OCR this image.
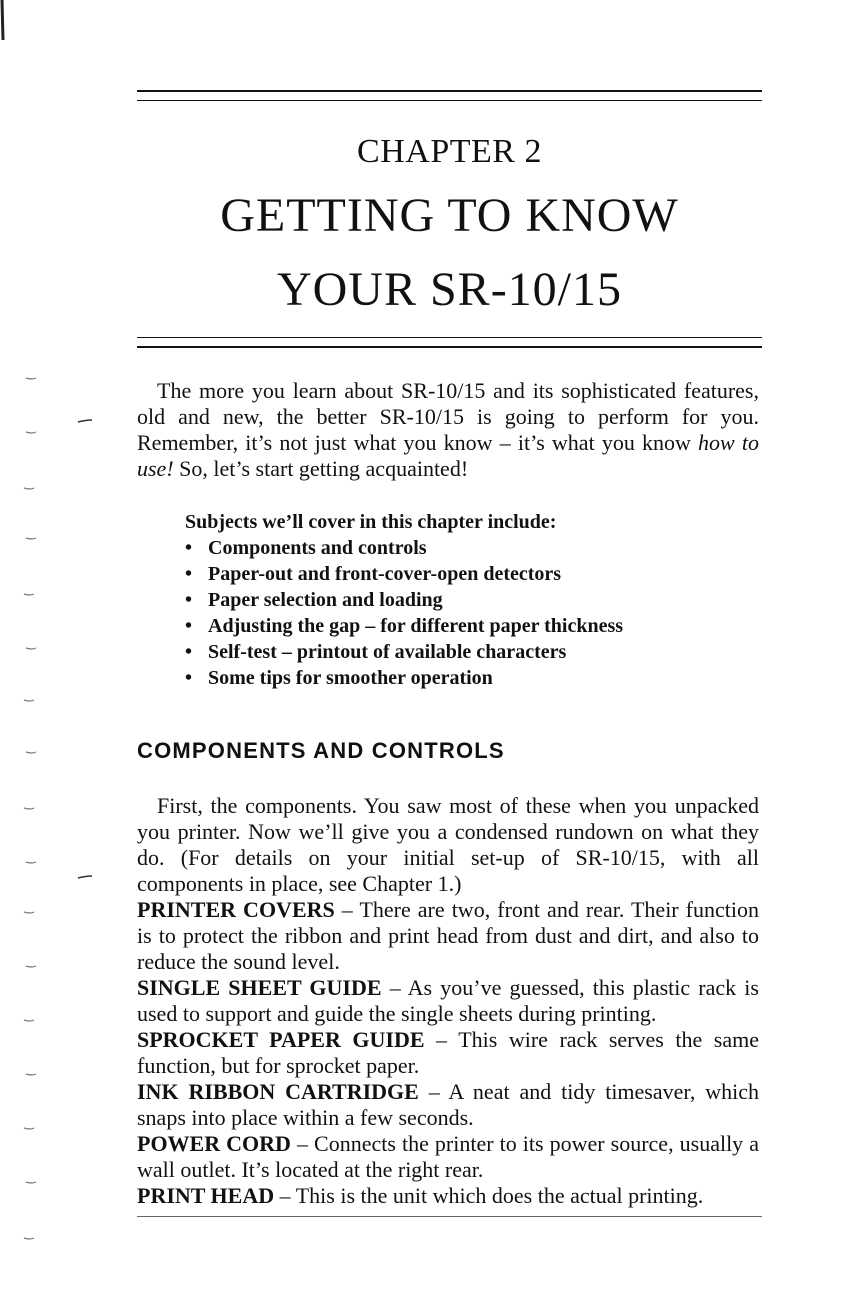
CHAPTER 2
GETTING TO KNOW
YOUR SR-10/15
The more you learn about SR-10/15 and its sophisticated features, old and new, the better SR-10/15 is going to perform for you. Remember, it’s not just what you know – it’s what you know how to use! So, let’s start getting acquainted!
Subjects we’ll cover in this chapter include:
• Components and controls
• Paper-out and front-cover-open detectors
• Paper selection and loading
• Adjusting the gap – for different paper thickness
• Self-test – printout of available characters
• Some tips for smoother operation
COMPONENTS AND CONTROLS

First, the components. You saw most of these when you unpacked you printer. Now we’ll give you a condensed rundown on what they do. (For details on your initial set-up of SR-10/15, with all components in place, see Chapter 1.)

PRINTER COVERS – There are two, front and rear. Their function is to protect the ribbon and print head from dust and dirt, and also to reduce the sound level.

SINGLE SHEET GUIDE – As you’ve guessed, this plastic rack is used to support and guide the single sheets during printing.

SPROCKET PAPER GUIDE – This wire rack serves the same function, but for sprocket paper.

INK RIBBON CARTRIDGE – A neat and tidy timesaver, which snaps into place within a few seconds.

POWER CORD – Connects the printer to its power source, usually a wall outlet. It’s located at the right rear.

PRINT HEAD – This is the unit which does the actual printing.
